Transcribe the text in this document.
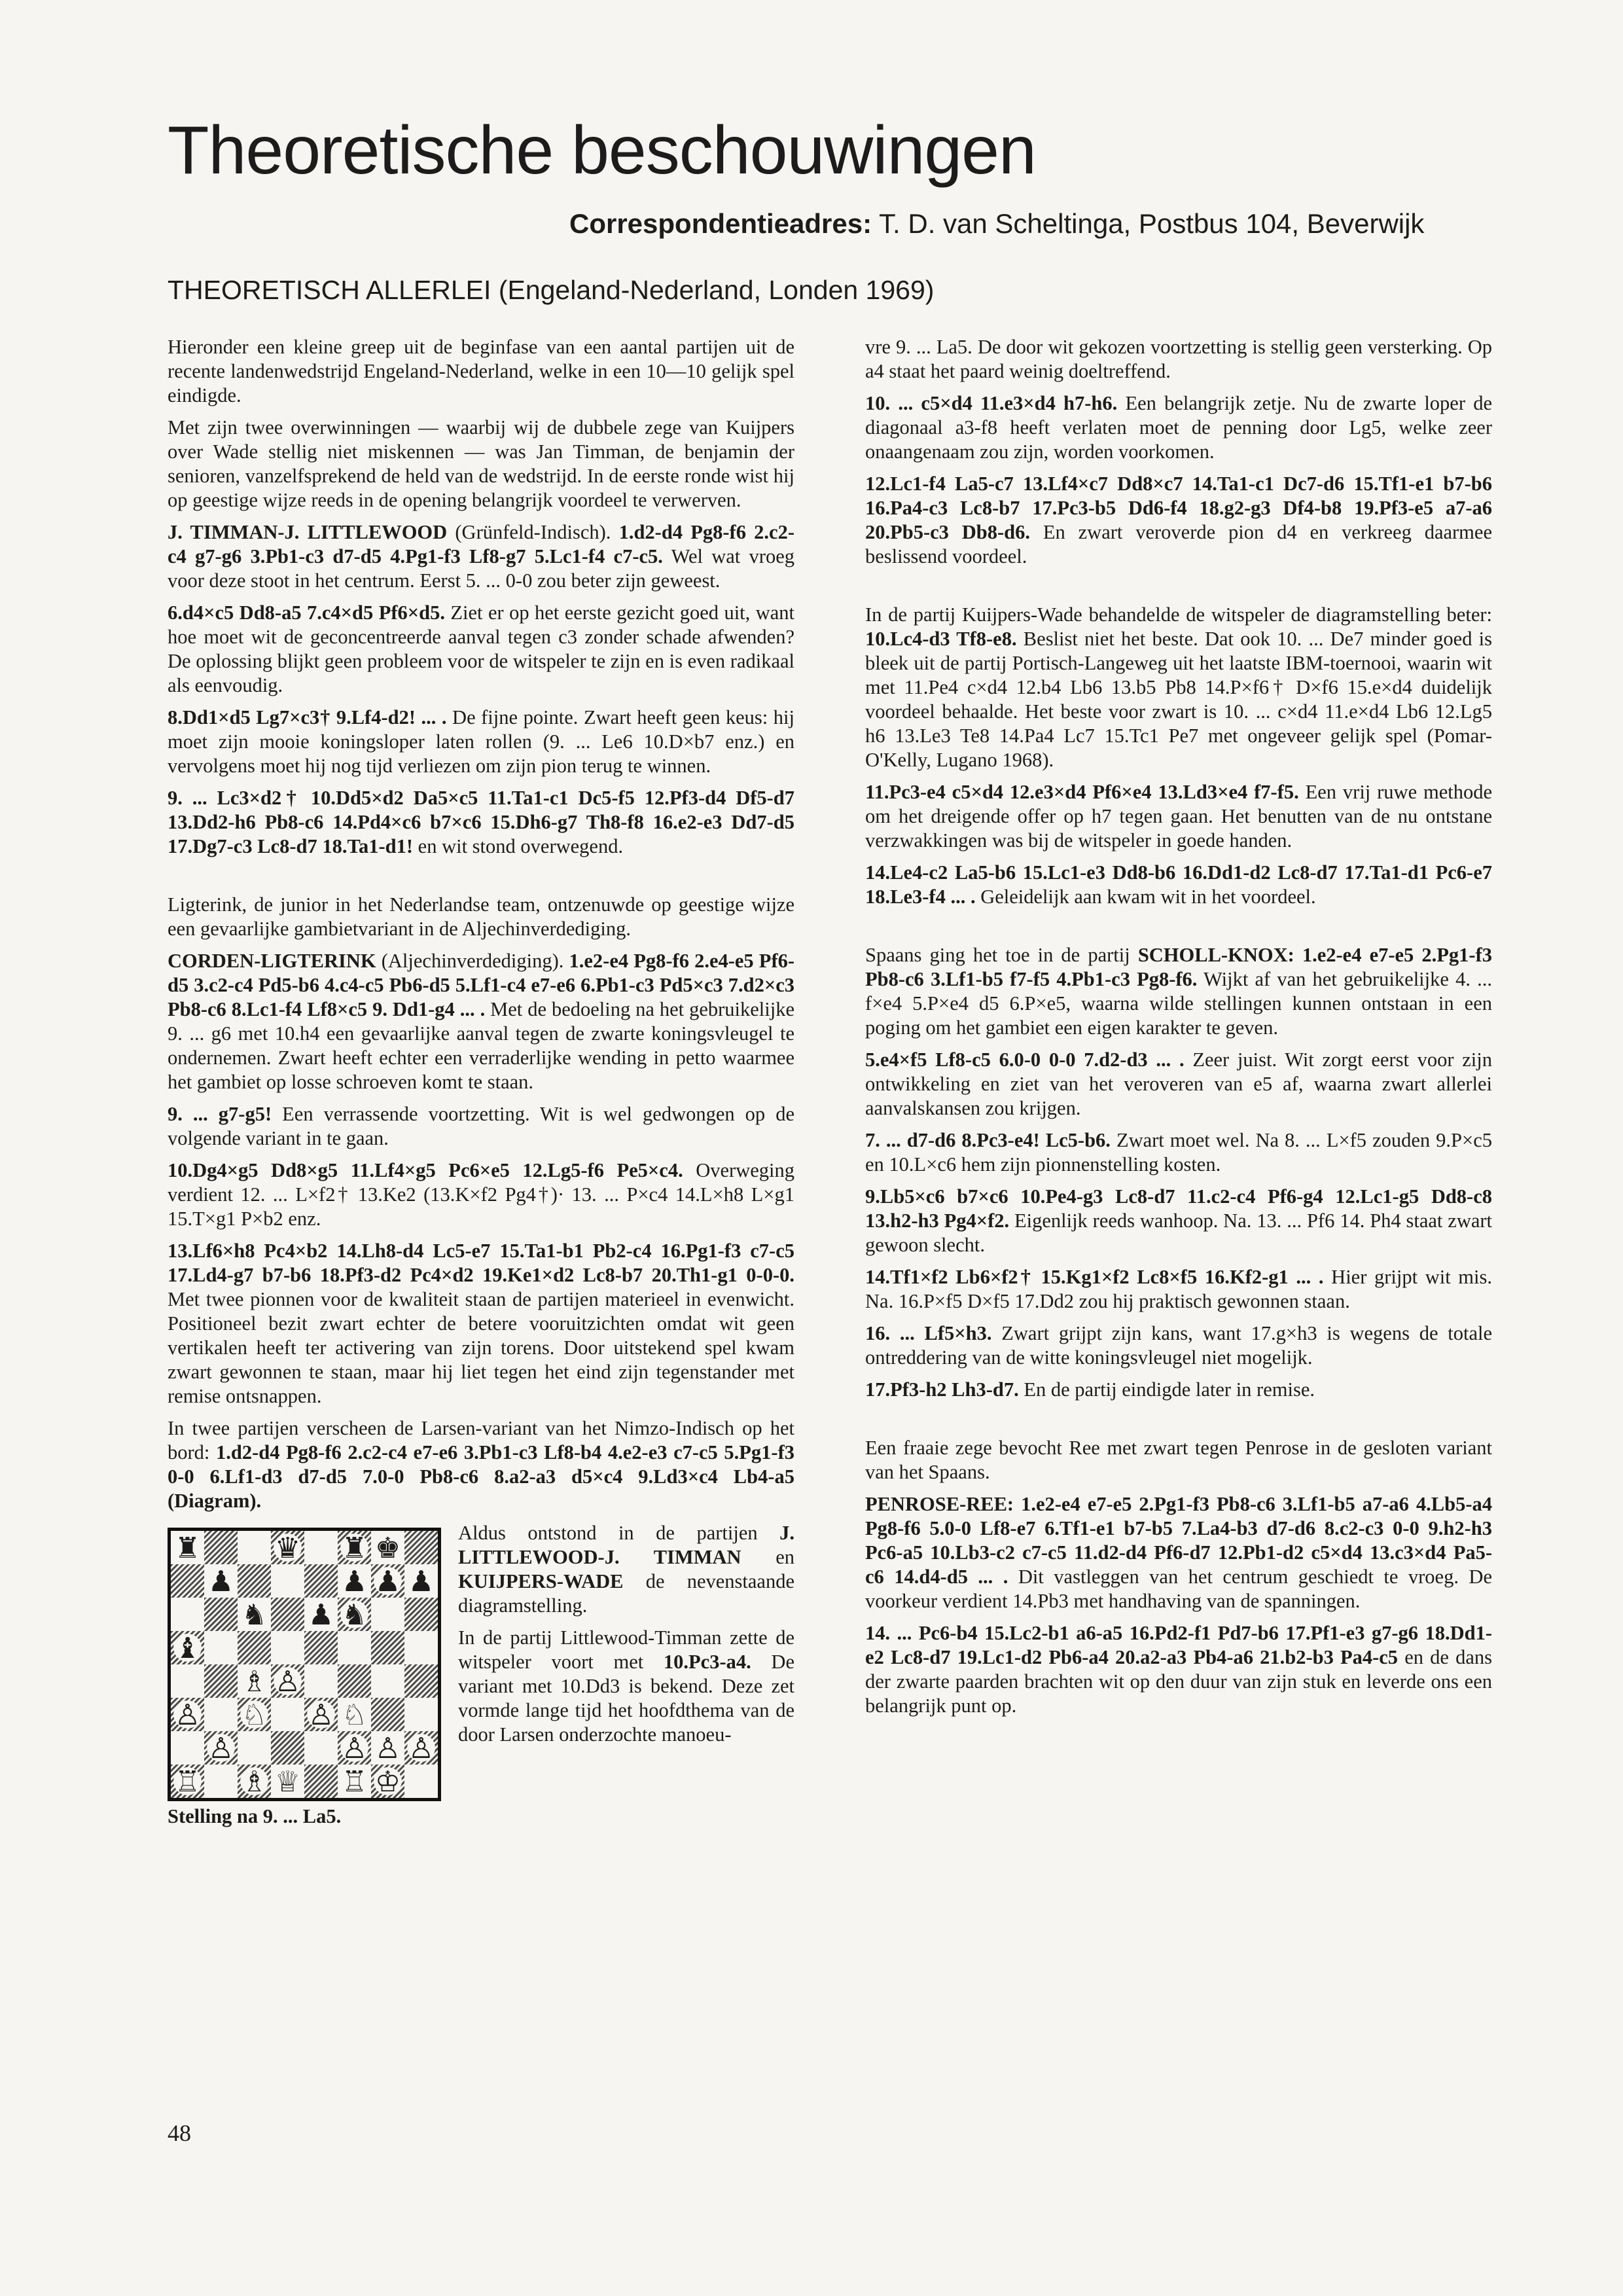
Theoretische beschouwingen
Correspondentieadres: T. D. van Scheltinga, Postbus 104, Beverwijk
THEORETISCH ALLERLEI (Engeland-Nederland, Londen 1969)

Hieronder een kleine greep uit de beginfase van een aantal partijen uit de recente landenwedstrijd Engeland-Nederland, welke in een 10—10 gelijk spel eindigde.

Met zijn twee overwinningen — waarbij wij de dubbele zege van Kuijpers over Wade stellig niet miskennen — was Jan Timman, de benjamin der senioren, vanzelfsprekend de held van de wedstrijd. In de eerste ronde wist hij op geestige wijze reeds in de opening belangrijk voordeel te verwerven.

J. TIMMAN-J. LITTLEWOOD (Grünfeld-Indisch). 1.d2-d4 Pg8-f6 2.c2-c4 g7-g6 3.Pb1-c3 d7-d5 4.Pg1-f3 Lf8-g7 5.Lc1-f4 c7-c5. Wel wat vroeg voor deze stoot in het centrum. Eerst 5. ... 0-0 zou beter zijn geweest.

6.d4×c5 Dd8-a5 7.c4×d5 Pf6×d5. Ziet er op het eerste gezicht goed uit, want hoe moet wit de geconcentreerde aanval tegen c3 zonder schade afwenden? De oplossing blijkt geen probleem voor de witspeler te zijn en is even radikaal als eenvoudig.

8.Dd1×d5 Lg7×c3† 9.Lf4-d2! ... . De fijne pointe. Zwart heeft geen keus: hij moet zijn mooie koningsloper laten rollen (9. ... Le6 10.D×b7 enz.) en vervolgens moet hij nog tijd verliezen om zijn pion terug te winnen.

9. ... Lc3×d2† 10.Dd5×d2 Da5×c5 11.Ta1-c1 Dc5-f5 12.Pf3-d4 Df5-d7 13.Dd2-h6 Pb8-c6 14.Pd4×c6 b7×c6 15.Dh6-g7 Th8-f8 16.e2-e3 Dd7-d5 17.Dg7-c3 Lc8-d7 18.Ta1-d1! en wit stond overwegend.

Ligterink, de junior in het Nederlandse team, ontzenuwde op geestige wijze een gevaarlijke gambietvariant in de Aljechinverdediging.

CORDEN-LIGTERINK (Aljechinverdediging). 1.e2-e4 Pg8-f6 2.e4-e5 Pf6-d5 3.c2-c4 Pd5-b6 4.c4-c5 Pb6-d5 5.Lf1-c4 e7-e6 6.Pb1-c3 Pd5×c3 7.d2×c3 Pb8-c6 8.Lc1-f4 Lf8×c5 9. Dd1-g4 ... . Met de bedoeling na het gebruikelijke 9. ... g6 met 10.h4 een gevaarlijke aanval tegen de zwarte koningsvleugel te ondernemen. Zwart heeft echter een verraderlijke wending in petto waarmee het gambiet op losse schroeven komt te staan.

9. ... g7-g5! Een verrassende voortzetting. Wit is wel gedwongen op de volgende variant in te gaan.

10.Dg4×g5 Dd8×g5 11.Lf4×g5 Pc6×e5 12.Lg5-f6 Pe5×c4. Overweging verdient 12. ... L×f2† 13.Ke2 (13.K×f2 Pg4†)· 13. ... P×c4 14.L×h8 L×g1 15.T×g1 P×b2 enz.

13.Lf6×h8 Pc4×b2 14.Lh8-d4 Lc5-e7 15.Ta1-b1 Pb2-c4 16.Pg1-f3 c7-c5 17.Ld4-g7 b7-b6 18.Pf3-d2 Pc4×d2 19.Ke1×d2 Lc8-b7 20.Th1-g1 0-0-0. Met twee pionnen voor de kwaliteit staan de partijen materieel in evenwicht. Positioneel bezit zwart echter de betere vooruitzichten omdat wit geen vertikalen heeft ter activering van zijn torens. Door uitstekend spel kwam zwart gewonnen te staan, maar hij liet tegen het eind zijn tegenstander met remise ontsnappen.

In twee partijen verscheen de Larsen-variant van het Nimzo-Indisch op het bord: 1.d2-d4 Pg8-f6 2.c2-c4 e7-e6 3.Pb1-c3 Lf8-b4 4.e2-e3 c7-c5 5.Pg1-f3 0-0 6.Lf1-d3 d7-d5 7.0-0 Pb8-c6 8.a2-a3 d5×c4 9.Ld3×c4 Lb4-a5 (Diagram).

♜	♛ ♜ ♚
♟	♟ ♟ ♟
♞ ♟ ♞
♝
♗ ♙
♙ ♘ ♙ ♘
♙	♙ ♙ ♙
♖ ♗ ♕ ♖ ♔
Stelling na 9. ... La5.

Aldus ontstond in de partijen J. LITTLEWOOD-J. TIMMAN en KUIJPERS-WADE de nevenstaande diagramstelling.

In de partij Littlewood-Timman zette de witspeler voort met 10.Pc3-a4. De variant met 10.Dd3 is bekend. Deze zet vormde lange tijd het hoofdthema van de door Larsen onderzochte manoeu-

vre 9. ... La5. De door wit gekozen voortzetting is stellig geen versterking. Op a4 staat het paard weinig doeltreffend.

10. ... c5×d4 11.e3×d4 h7-h6. Een belangrijk zetje. Nu de zwarte loper de diagonaal a3-f8 heeft verlaten moet de penning door Lg5, welke zeer onaangenaam zou zijn, worden voorkomen.

12.Lc1-f4 La5-c7 13.Lf4×c7 Dd8×c7 14.Ta1-c1 Dc7-d6 15.Tf1-e1 b7-b6 16.Pa4-c3 Lc8-b7 17.Pc3-b5 Dd6-f4 18.g2-g3 Df4-b8 19.Pf3-e5 a7-a6 20.Pb5-c3 Db8-d6. En zwart veroverde pion d4 en verkreeg daarmee beslissend voordeel.

In de partij Kuijpers-Wade behandelde de witspeler de diagramstelling beter: 10.Lc4-d3 Tf8-e8. Beslist niet het beste. Dat ook 10. ... De7 minder goed is bleek uit de partij Portisch-Langeweg uit het laatste IBM-toernooi, waarin wit met 11.Pe4 c×d4 12.b4 Lb6 13.b5 Pb8 14.P×f6† D×f6 15.e×d4 duidelijk voordeel behaalde. Het beste voor zwart is 10. ... c×d4 11.e×d4 Lb6 12.Lg5 h6 13.Le3 Te8 14.Pa4 Lc7 15.Tc1 Pe7 met ongeveer gelijk spel (Pomar-O'Kelly, Lugano 1968).

11.Pc3-e4 c5×d4 12.e3×d4 Pf6×e4 13.Ld3×e4 f7-f5. Een vrij ruwe methode om het dreigende offer op h7 tegen gaan. Het benutten van de nu ontstane verzwakkingen was bij de witspeler in goede handen.

14.Le4-c2 La5-b6 15.Lc1-e3 Dd8-b6 16.Dd1-d2 Lc8-d7 17.Ta1-d1 Pc6-e7 18.Le3-f4 ... . Geleidelijk aan kwam wit in het voordeel.

Spaans ging het toe in de partij SCHOLL-KNOX: 1.e2-e4 e7-e5 2.Pg1-f3 Pb8-c6 3.Lf1-b5 f7-f5 4.Pb1-c3 Pg8-f6. Wijkt af van het gebruikelijke 4. ... f×e4 5.P×e4 d5 6.P×e5, waarna wilde stellingen kunnen ontstaan in een poging om het gambiet een eigen karakter te geven.

5.e4×f5 Lf8-c5 6.0-0 0-0 7.d2-d3 ... . Zeer juist. Wit zorgt eerst voor zijn ontwikkeling en ziet van het veroveren van e5 af, waarna zwart allerlei aanvalskansen zou krijgen.

7. ... d7-d6 8.Pc3-e4! Lc5-b6. Zwart moet wel. Na 8. ... L×f5 zouden 9.P×c5 en 10.L×c6 hem zijn pionnenstelling kosten.

9.Lb5×c6 b7×c6 10.Pe4-g3 Lc8-d7 11.c2-c4 Pf6-g4 12.Lc1-g5 Dd8-c8 13.h2-h3 Pg4×f2. Eigenlijk reeds wanhoop. Na. 13. ... Pf6 14. Ph4 staat zwart gewoon slecht.

14.Tf1×f2 Lb6×f2† 15.Kg1×f2 Lc8×f5 16.Kf2-g1 ... . Hier grijpt wit mis. Na. 16.P×f5 D×f5 17.Dd2 zou hij praktisch gewonnen staan.

16. ... Lf5×h3. Zwart grijpt zijn kans, want 17.g×h3 is wegens de totale ontreddering van de witte koningsvleugel niet mogelijk.

17.Pf3-h2 Lh3-d7. En de partij eindigde later in remise.

Een fraaie zege bevocht Ree met zwart tegen Penrose in de gesloten variant van het Spaans.

PENROSE-REE: 1.e2-e4 e7-e5 2.Pg1-f3 Pb8-c6 3.Lf1-b5 a7-a6 4.Lb5-a4 Pg8-f6 5.0-0 Lf8-e7 6.Tf1-e1 b7-b5 7.La4-b3 d7-d6 8.c2-c3 0-0 9.h2-h3 Pc6-a5 10.Lb3-c2 c7-c5 11.d2-d4 Pf6-d7 12.Pb1-d2 c5×d4 13.c3×d4 Pa5-c6 14.d4-d5 ... . Dit vastleggen van het centrum geschiedt te vroeg. De voorkeur verdient 14.Pb3 met handhaving van de spanningen.

14. ... Pc6-b4 15.Lc2-b1 a6-a5 16.Pd2-f1 Pd7-b6 17.Pf1-e3 g7-g6 18.Dd1-e2 Lc8-d7 19.Lc1-d2 Pb6-a4 20.a2-a3 Pb4-a6 21.b2-b3 Pa4-c5 en de dans der zwarte paarden brachten wit op den duur van zijn stuk en leverde ons een belangrijk punt op.

48
